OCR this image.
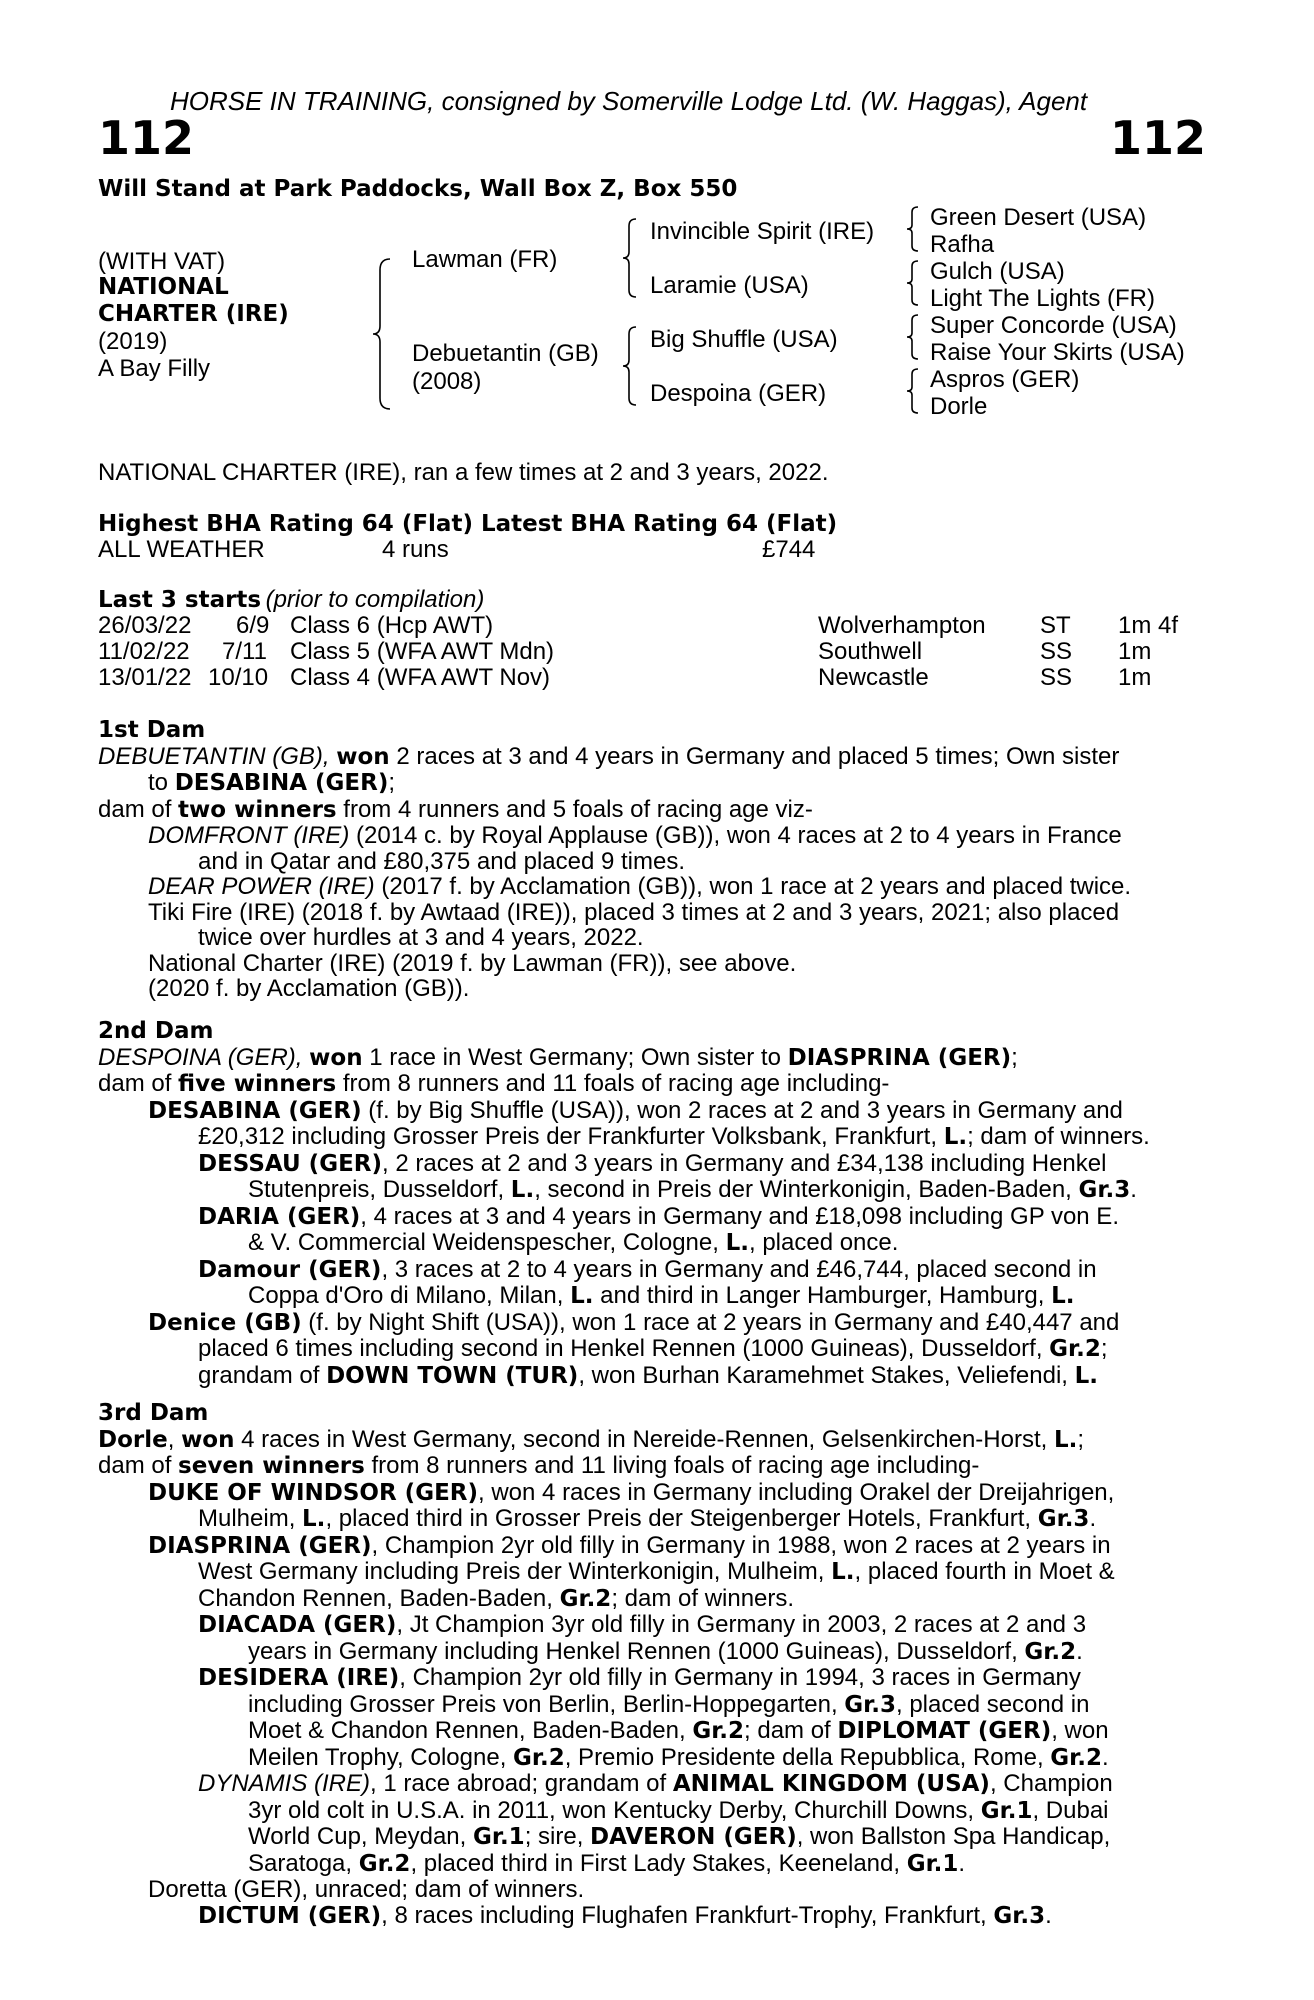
HORSE IN TRAINING, consigned by Somerville Lodge Ltd. (W. Haggas), Agent
112	112
Will Stand at Park Paddocks, Wall Box Z, Box 550
(WITH VAT)
NATIONAL
CHARTER (IRE)
(2019)
A Bay Filly
Lawman (FR)
Debuetantin (GB)
(2008)
Invincible Spirit (IRE)
Laramie (USA)
Big Shuffle (USA)
Despoina (GER)
Green Desert (USA)
Rafha
Gulch (USA)
Light The Lights (FR)
Super Concorde (USA)
Raise Your Skirts (USA)
Aspros (GER)
Dorle
NATIONAL CHARTER (IRE), ran a few times at 2 and 3 years, 2022.
Highest BHA Rating 64 (Flat) Latest BHA Rating 64 (Flat)
ALL WEATHER	4 runs	£744
Last 3 starts (prior to compilation)
26/03/22 6/9 Class 6 (Hcp AWT)	Wolverhampton ST 1m 4f
11/02/22 7/11 Class 5 (WFA AWT Mdn)	Southwell	SS 1m
13/01/22 10/10 Class 4 (WFA AWT Nov)	Newcastle	SS 1m
1st Dam
DEBUETANTIN (GB), won 2 races at 3 and 4 years in Germany and placed 5 times; Own sister
to DESABINA (GER);
dam of two winners from 4 runners and 5 foals of racing age viz-
DOMFRONT (IRE) (2014 c. by Royal Applause (GB)), won 4 races at 2 to 4 years in France
and in Qatar and £80,375 and placed 9 times.
DEAR POWER (IRE) (2017 f. by Acclamation (GB)), won 1 race at 2 years and placed twice.
Tiki Fire (IRE) (2018 f. by Awtaad (IRE)), placed 3 times at 2 and 3 years, 2021; also placed
twice over hurdles at 3 and 4 years, 2022.
National Charter (IRE) (2019 f. by Lawman (FR)), see above.
(2020 f. by Acclamation (GB)).
2nd Dam
DESPOINA (GER), won 1 race in West Germany; Own sister to DIASPRINA (GER);
dam of five winners from 8 runners and 11 foals of racing age including-
DESABINA (GER) (f. by Big Shuffle (USA)), won 2 races at 2 and 3 years in Germany and
£20,312 including Grosser Preis der Frankfurter Volksbank, Frankfurt, L.; dam of winners.
DESSAU (GER), 2 races at 2 and 3 years in Germany and £34,138 including Henkel
Stutenpreis, Dusseldorf, L., second in Preis der Winterkonigin, Baden-Baden, Gr.3.
DARIA (GER), 4 races at 3 and 4 years in Germany and £18,098 including GP von E.
& V. Commercial Weidenspescher, Cologne, L., placed once.
Damour (GER), 3 races at 2 to 4 years in Germany and £46,744, placed second in
Coppa d'Oro di Milano, Milan, L. and third in Langer Hamburger, Hamburg, L.
Denice (GB) (f. by Night Shift (USA)), won 1 race at 2 years in Germany and £40,447 and
placed 6 times including second in Henkel Rennen (1000 Guineas), Dusseldorf, Gr.2;
grandam of DOWN TOWN (TUR), won Burhan Karamehmet Stakes, Veliefendi, L.
3rd Dam
Dorle, won 4 races in West Germany, second in Nereide-Rennen, Gelsenkirchen-Horst, L.;
dam of seven winners from 8 runners and 11 living foals of racing age including-
DUKE OF WINDSOR (GER), won 4 races in Germany including Orakel der Dreijahrigen,
Mulheim, L., placed third in Grosser Preis der Steigenberger Hotels, Frankfurt, Gr.3.
DIASPRINA (GER), Champion 2yr old filly in Germany in 1988, won 2 races at 2 years in
West Germany including Preis der Winterkonigin, Mulheim, L., placed fourth in Moet &
Chandon Rennen, Baden-Baden, Gr.2; dam of winners.
DIACADA (GER), Jt Champion 3yr old filly in Germany in 2003, 2 races at 2 and 3
years in Germany including Henkel Rennen (1000 Guineas), Dusseldorf, Gr.2.
DESIDERA (IRE), Champion 2yr old filly in Germany in 1994, 3 races in Germany
including Grosser Preis von Berlin, Berlin-Hoppegarten, Gr.3, placed second in
Moet & Chandon Rennen, Baden-Baden, Gr.2; dam of DIPLOMAT (GER), won
Meilen Trophy, Cologne, Gr.2, Premio Presidente della Repubblica, Rome, Gr.2.
DYNAMIS (IRE), 1 race abroad; grandam of ANIMAL KINGDOM (USA), Champion
3yr old colt in U.S.A. in 2011, won Kentucky Derby, Churchill Downs, Gr.1, Dubai
World Cup, Meydan, Gr.1; sire, DAVERON (GER), won Ballston Spa Handicap,
Saratoga, Gr.2, placed third in First Lady Stakes, Keeneland, Gr.1.
Doretta (GER), unraced; dam of winners.
DICTUM (GER), 8 races including Flughafen Frankfurt-Trophy, Frankfurt, Gr.3.
